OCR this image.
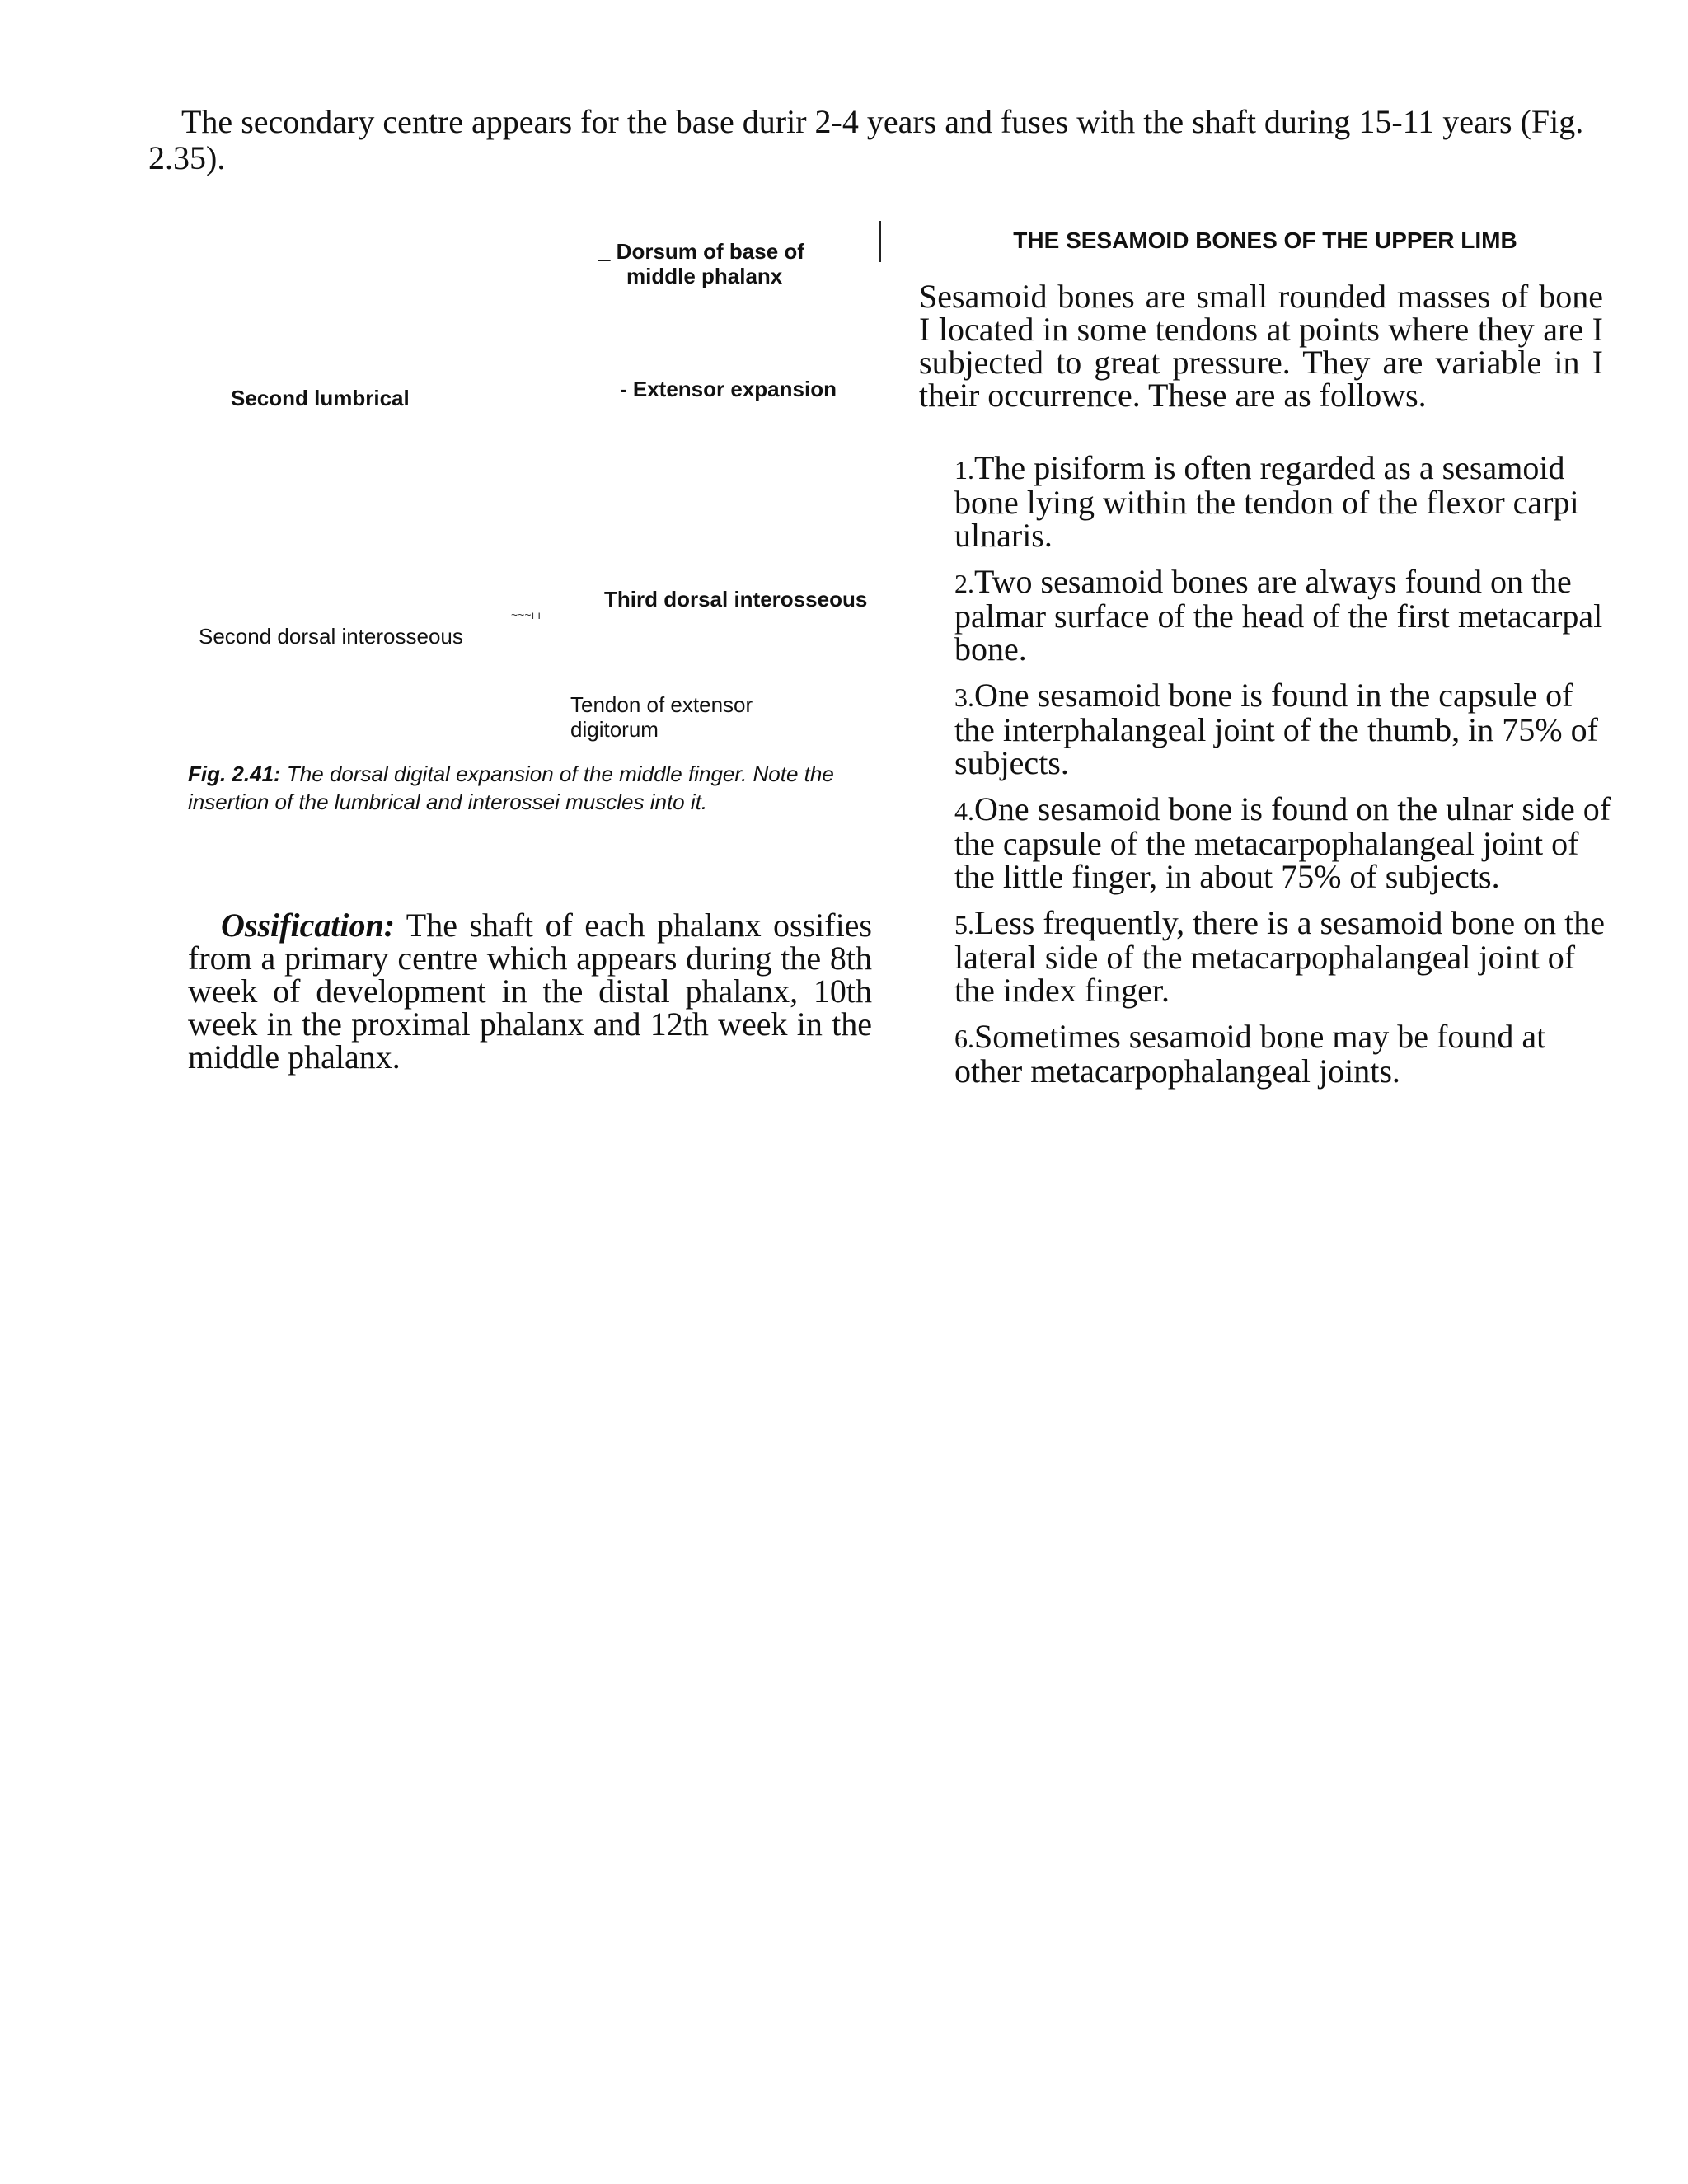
The secondary centre appears for the base durir 2-4 years and fuses with the shaft during 15-11 years (Fig. 2.35).

_ Dorsum of base of
middle phalanx
Second lumbrical	- Extensor expansion
Third dorsal interosseous
Second dorsal interosseous
~~~ı ı
Tendon of extensor
digitorum

Fig. 2.41: The dorsal digital expansion of the middle finger. Note the insertion of the lumbrical and interossei muscles into it.

Ossification: The shaft of each phalanx ossifies from a primary centre which appears during the 8th week of development in the distal phalanx, 10th week in the proximal phalanx and 12th week in the middle phalanx.

THE SESAMOID BONES OF THE UPPER LIMB

Sesamoid bones are small rounded masses of bone I located in some tendons at points where they are I subjected to great pressure. They are variable in I their occurrence. These are as follows.

1.The pisiform is often regarded as a sesamoid bone lying within the tendon of the flexor carpi ulnaris.
2.Two sesamoid bones are always found on the palmar surface of the head of the first metacarpal bone.
3.One sesamoid bone is found in the capsule of the interphalangeal joint of the thumb, in 75% of subjects.
4.One sesamoid bone is found on the ulnar side of the capsule of the metacarpophalangeal joint of the little finger, in about 75% of subjects.
5.Less frequently, there is a sesamoid bone on the lateral side of the metacarpophalangeal joint of the index finger.
6.Sometimes sesamoid bone may be found at other metacarpophalangeal joints.
